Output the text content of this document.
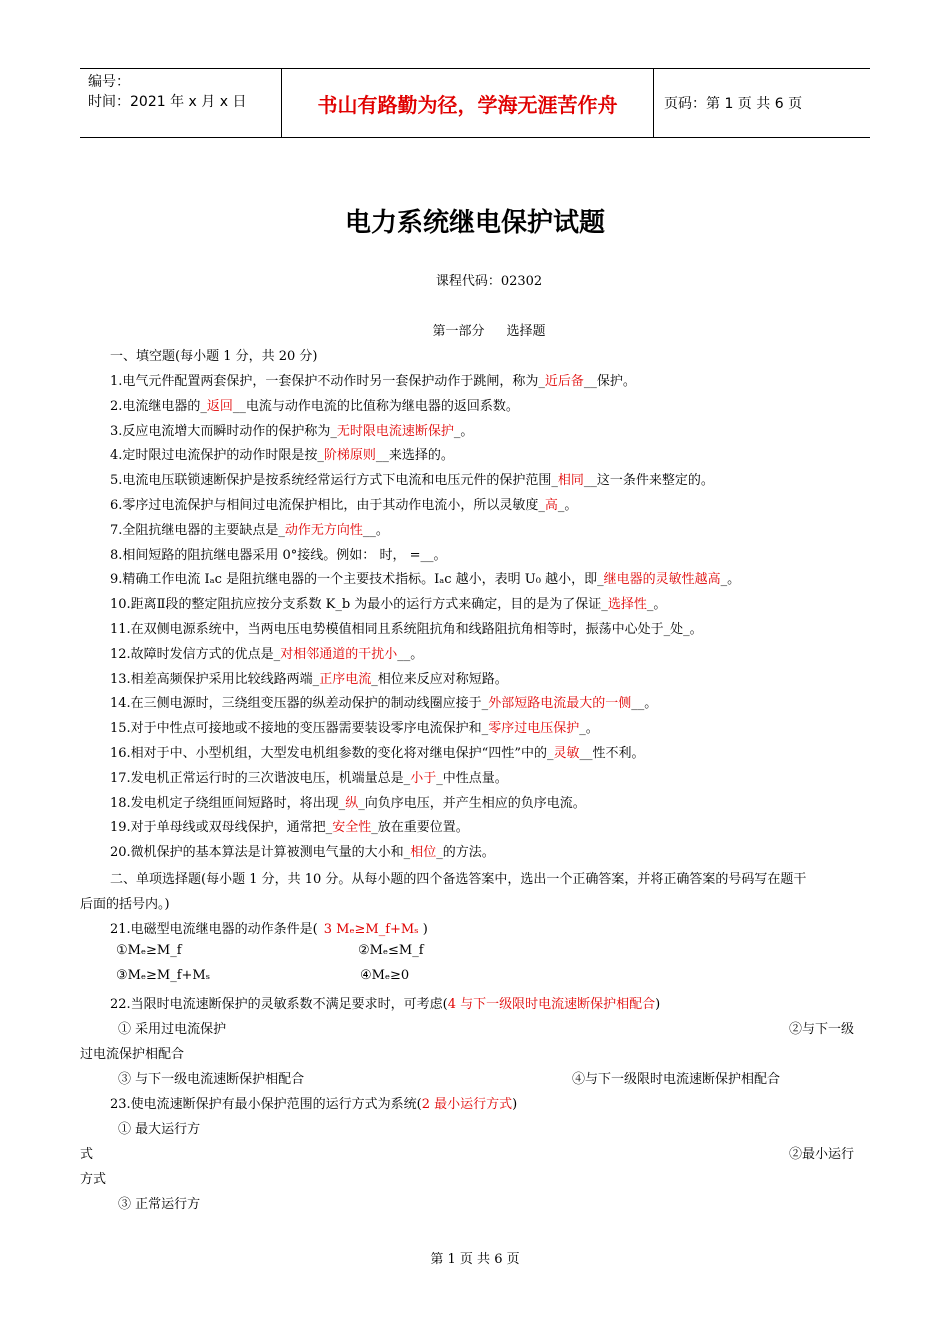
编号：
时间：2021 年 x 月 x 日	书山有路勤为径，学海无涯苦作舟	页码：第 1 页 共 6 页
电力系统继电保护试题
课程代码：02302
第一部分 选择题
一、填空题(每小题 1 分，共 20 分)
1.电气元件配置两套保护，一套保护不动作时另一套保护动作于跳闸，称为_近后备__保护。
2.电流继电器的_返回__电流与动作电流的比值称为继电器的返回系数。
3.反应电流增大而瞬时动作的保护称为_无时限电流速断保护_。
4.定时限过电流保护的动作时限是按_阶梯原则__来选择的。
5.电流电压联锁速断保护是按系统经常运行方式下电流和电压元件的保护范围_相同__这一条件来整定的。
6.零序过电流保护与相间过电流保护相比，由于其动作电流小，所以灵敏度_高_。
7.全阻抗继电器的主要缺点是_动作无方向性__。
8.相间短路的阻抗继电器采用 0°接线。例如： 时， =__。
9.精确工作电流 Iₐc 是阻抗继电器的一个主要技术指标。Iₐc 越小，表明 U₀ 越小，即_继电器的灵敏性越高_。
10.距离Ⅱ段的整定阻抗应按分支系数 K_b 为最小的运行方式来确定，目的是为了保证_选择性_。
11.在双侧电源系统中，当两电压电势模值相同且系统阻抗角和线路阻抗角相等时，振荡中心处于_处_。
12.故障时发信方式的优点是_对相邻通道的干扰小__。
13.相差高频保护采用比较线路两端_正序电流_相位来反应对称短路。
14.在三侧电源时，三绕组变压器的纵差动保护的制动线圈应接于_外部短路电流最大的一侧__。
15.对于中性点可接地或不接地的变压器需要装设零序电流保护和_零序过电压保护_。
16.相对于中、小型机组，大型发电机组参数的变化将对继电保护“四性”中的_灵敏__性不利。
17.发电机正常运行时的三次谐波电压，机端量总是_小于_中性点量。
18.发电机定子绕组匝间短路时，将出现_纵_向负序电压，并产生相应的负序电流。
19.对于单母线或双母线保护，通常把_安全性_放在重要位置。
20.微机保护的基本算法是计算被测电气量的大小和_相位_的方法。
二、单项选择题(每小题 1 分，共 10 分。从每小题的四个备选答案中，选出一个正确答案，并将正确答案的号码写在题干
后面的括号内。)
21.电磁型电流继电器的动作条件是( 3 Mₑ≥M_f+Mₛ )
①Mₑ≥M_f	②Mₑ≤M_f
③Mₑ≥M_f+Mₛ	④Mₑ≥0
22.当限时电流速断保护的灵敏系数不满足要求时，可考虑(4 与下一级限时电流速断保护相配合)
① 采用过电流保护	②与下一级
过电流保护相配合
③ 与下一级电流速断保护相配合	④与下一级限时电流速断保护相配合
23.使电流速断保护有最小保护范围的运行方式为系统(2 最小运行方式)
① 最大运行方
式	②最小运行
方式
③ 正常运行方
第 1 页 共 6 页
